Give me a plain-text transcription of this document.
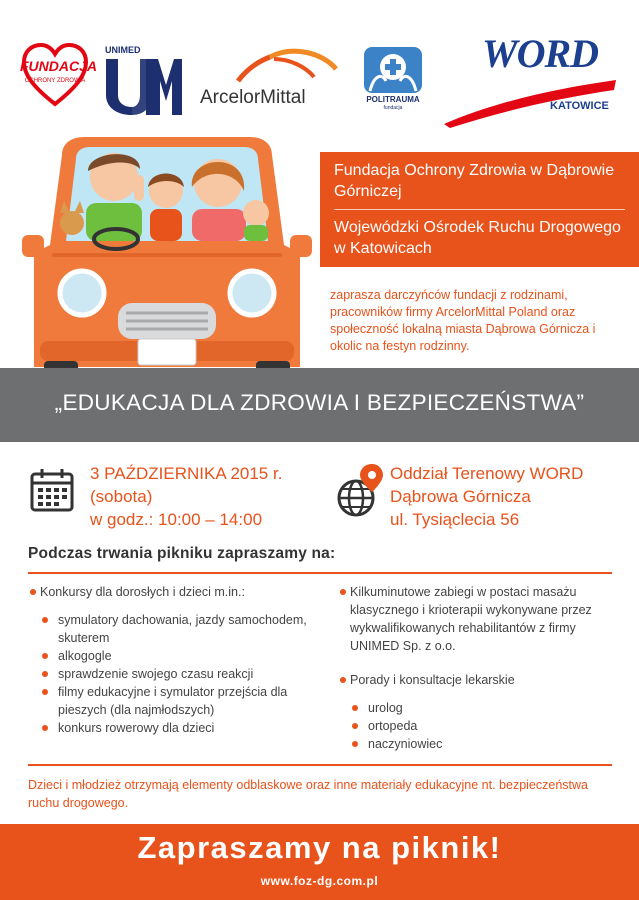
FUNDACJA
OCHRONY ZDROWIA
UNIMED
ArcelorMittal	POLITRAUMA
fundacja
WORD
KATOWICE
Fundacja Ochrony Zdrowia w Dąbrowie Górniczej
Wojewódzki Ośrodek Ruchu Drogowego w Katowicach
zaprasza darczyńców fundacji z rodzinami, pracowników firmy ArcelorMittal Poland oraz społeczność lokalną miasta Dąbrowa Górnicza i okolic na festyn rodzinny.
„EDUKACJA DLA ZDROWIA I BEZPIECZEŃSTWA”
3 PAŹDZIERNIKA 2015 r.
(sobota)
w godz.: 10:00 – 14:00
Oddział Terenowy WORD
Dąbrowa Górnicza
ul. Tysiąclecia 56
Podczas trwania pikniku zapraszamy na:
Konkursy dla dorosłych i dzieci m.in.:
symulatory dachowania, jazdy samochodem, skuterem
alkogogle
sprawdzenie swojego czasu reakcji
filmy edukacyjne i symulator przejścia dla pieszych (dla najmłodszych)
konkurs rowerowy dla dzieci
Kilkuminutowe zabiegi w postaci masażu klasycznego i krioterapii wykonywane przez wykwalifikowanych rehabilitantów z firmy UNIMED Sp. z o.o.
Porady i konsultacje lekarskie
urolog
ortopeda
naczyniowiec
Dzieci i młodzież otrzymają elementy odblaskowe oraz inne materiały edukacyjne nt. bezpieczeństwa ruchu drogowego.
Zapraszamy na piknik!
www.foz-dg.com.pl
